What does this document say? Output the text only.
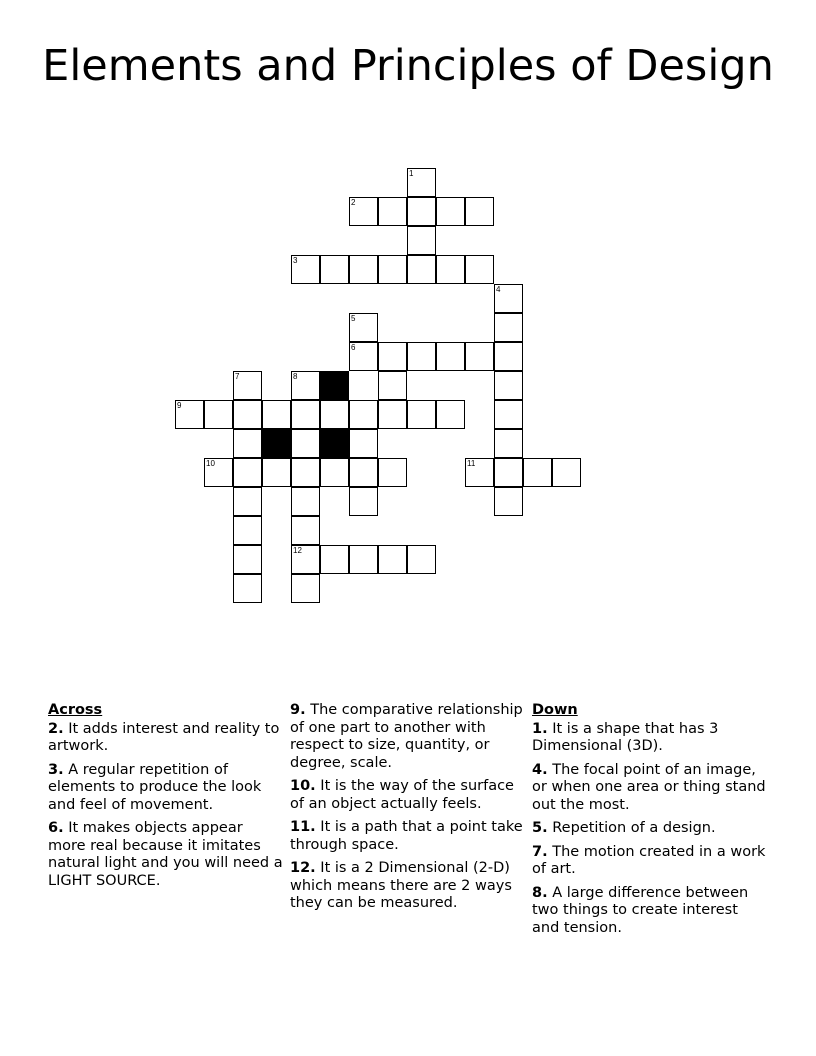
Elements and Principles of Design
1
2
3
4
5
6
7	8
9
10	11
12
Across
2. It adds interest and reality to artwork.
3. A regular repetition of elements to produce the look and feel of movement.
6. It makes objects appear more real because it imitates natural light and you will need a LIGHT SOURCE.
9. The comparative relationship of one part to another with respect to size, quantity, or degree, scale.
10. It is the way of the surface of an object actually feels.
11. It is a path that a point take through space.
12. It is a 2 Dimensional (2-D) which means there are 2 ways they can be measured.
Down
1. It is a shape that has 3 Dimensional (3D).
4. The focal point of an image, or when one area or thing stand out the most.
5. Repetition of a design.
7. The motion created in a work of art.
8. A large difference between two things to create interest and tension.
